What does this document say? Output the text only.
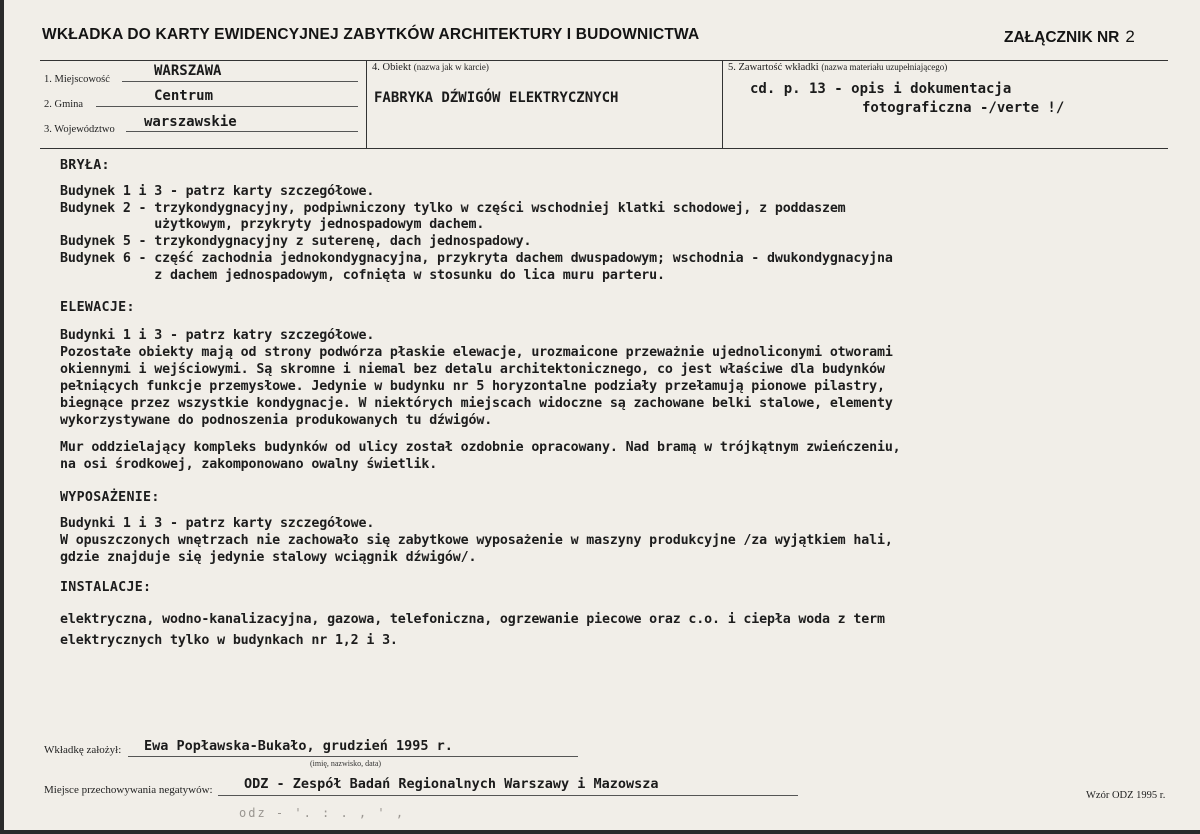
WKŁADKA DO KARTY EWIDENCYJNEJ ZABYTKÓW ARCHITEKTURY I BUDOWNICTWA	ZAŁĄCZNIK NR 2
1. Miejscowość
WARSZAWA
2. Gmina
Centrum
3. Województwo warszawskie
4. Obiekt (nazwa jak w karcie)
FABRYKA DŹWIGÓW ELEKTRYCZNYCH
5. Zawartość wkładki (nazwa materiału uzupełniającego)
cd. p. 13 - opis i dokumentacja
fotograficzna -/verte !/
BRYŁA:
Budynek 1 i 3 - patrz karty szczegółowe.
Budynek 2 - trzykondygnacyjny, podpiwniczony tylko w części wschodniej klatki schodowej, z poddaszem
użytkowym, przykryty jednospadowym dachem.
Budynek 5 - trzykondygnacyjny z suterenę, dach jednospadowy.
Budynek 6 - część zachodnia jednokondygnacyjna, przykryta dachem dwuspadowym; wschodnia - dwukondygnacyjna
z dachem jednospadowym, cofnięta w stosunku do lica muru parteru.
ELEWACJE:
Budynki 1 i 3 - patrz katry szczegółowe.
Pozostałe obiekty mają od strony podwórza płaskie elewacje, urozmaicone przeważnie ujednoliconymi otworami
okiennymi i wejściowymi. Są skromne i niemal bez detalu architektonicznego, co jest właściwe dla budynków
pełniących funkcje przemysłowe. Jedynie w budynku nr 5 horyzontalne podziały przełamują pionowe pilastry,
biegnące przez wszystkie kondygnacje. W niektórych miejscach widoczne są zachowane belki stalowe, elementy
wykorzystywane do podnoszenia produkowanych tu dźwigów.
Mur oddzielający kompleks budynków od ulicy został ozdobnie opracowany. Nad bramą w trójkątnym zwieńczeniu,
na osi środkowej, zakomponowano owalny świetlik.
WYPOSAŻENIE:
Budynki 1 i 3 - patrz karty szczegółowe.
W opuszczonych wnętrzach nie zachowało się zabytkowe wyposażenie w maszyny produkcyjne /za wyjątkiem hali,
gdzie znajduje się jedynie stalowy wciągnik dźwigów/.
INSTALACJE:
elektryczna, wodno-kanalizacyjna, gazowa, telefoniczna, ogrzewanie piecowe oraz c.o. i ciepła woda z term
elektrycznych tylko w budynkach nr 1,2 i 3.
Wkładkę założył: Ewa Popławska-Bukało, grudzień 1995 r.
(imię, nazwisko, data)
Miejsce przechowywania negatywów: ODZ - Zespół Badań Regionalnych Warszawy i Mazowsza
odz - '. : . , ' ,
Wzór ODZ 1995 r.
